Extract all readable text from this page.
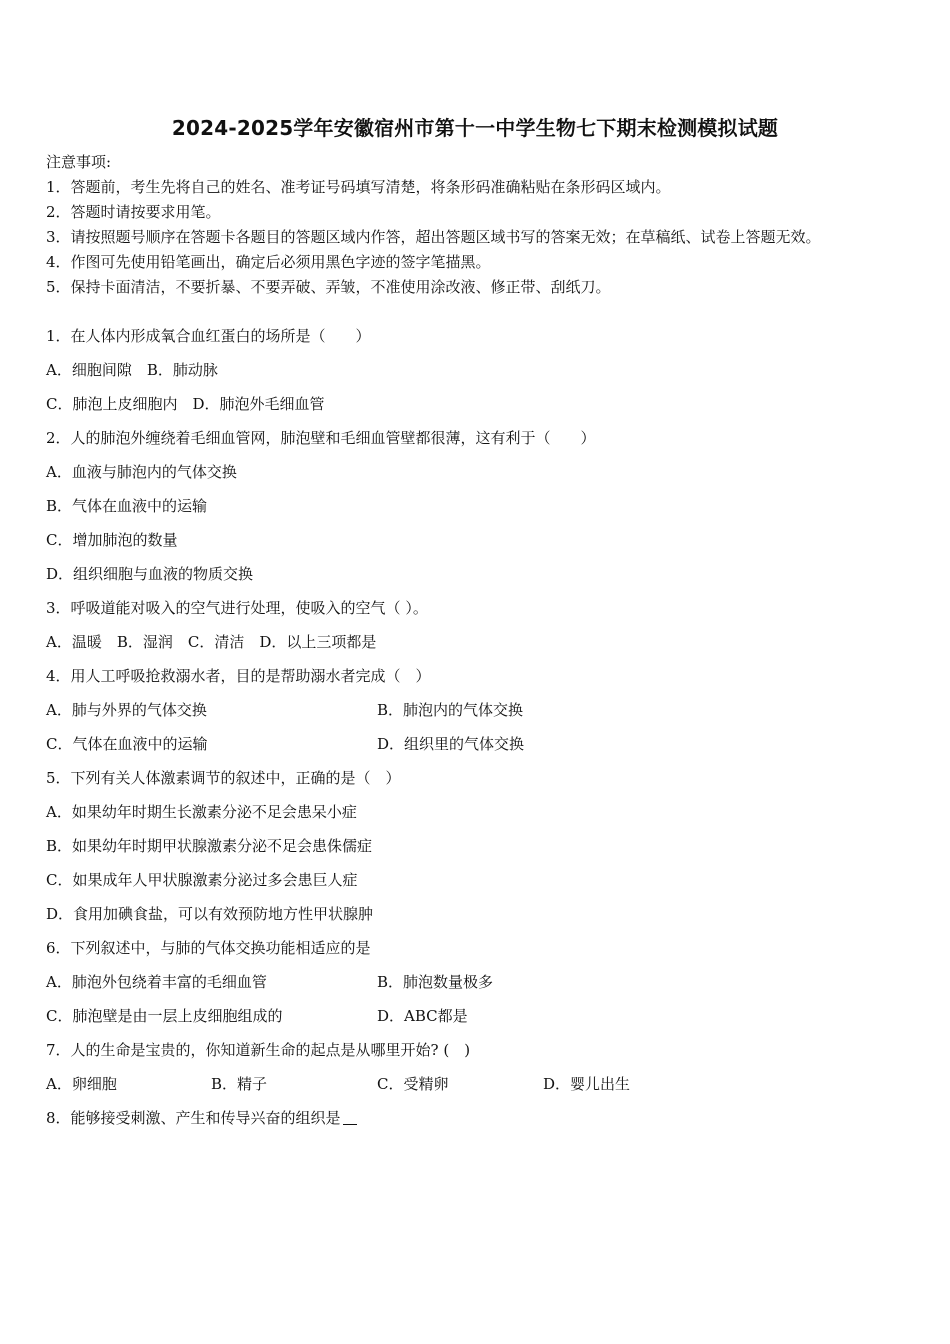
2024-2025学年安徽宿州市第十一中学生物七下期末检测模拟试题
注意事项:
1．答题前，考生先将自己的姓名、准考证号码填写清楚，将条形码准确粘贴在条形码区域内。
2．答题时请按要求用笔。
3．请按照题号顺序在答题卡各题目的答题区域内作答，超出答题区域书写的答案无效；在草稿纸、试卷上答题无效。
4．作图可先使用铅笔画出，确定后必须用黑色字迹的签字笔描黑。
5．保持卡面清洁，不要折暴、不要弄破、弄皱，不准使用涂改液、修正带、刮纸刀。
1．在人体内形成氧合血红蛋白的场所是（　　）
A．细胞间隙　B．肺动脉
C．肺泡上皮细胞内　D．肺泡外毛细血管
2．人的肺泡外缠绕着毛细血管网，肺泡壁和毛细血管壁都很薄，这有利于（　　）
A．血液与肺泡内的气体交换
B．气体在血液中的运输
C．增加肺泡的数量
D．组织细胞与血液的物质交换
3．呼吸道能对吸入的空气进行处理，使吸入的空气（ ）。
A．温暖　B．湿润　C．清洁　D．以上三项都是
4．用人工呼吸抢救溺水者，目的是帮助溺水者完成（　）
A．肺与外界的气体交换	B．肺泡内的气体交换
C．气体在血液中的运输	D．组织里的气体交换
5．下列有关人体激素调节的叙述中，正确的是（　）
A．如果幼年时期生长激素分泌不足会患呆小症
B．如果幼年时期甲状腺激素分泌不足会患侏儒症
C．如果成年人甲状腺激素分泌过多会患巨人症
D．食用加碘食盐，可以有效预防地方性甲状腺肿
6．下列叙述中，与肺的气体交换功能相适应的是
A．肺泡外包绕着丰富的毛细血管	B．肺泡数量极多
C．肺泡壁是由一层上皮细胞组成的	D．ABC都是
7．人的生命是宝贵的，你知道新生命的起点是从哪里开始? (　)
A．卵细胞	B．精子	C．受精卵	D．婴儿出生
8．能够接受刺激、产生和传导兴奋的组织是
